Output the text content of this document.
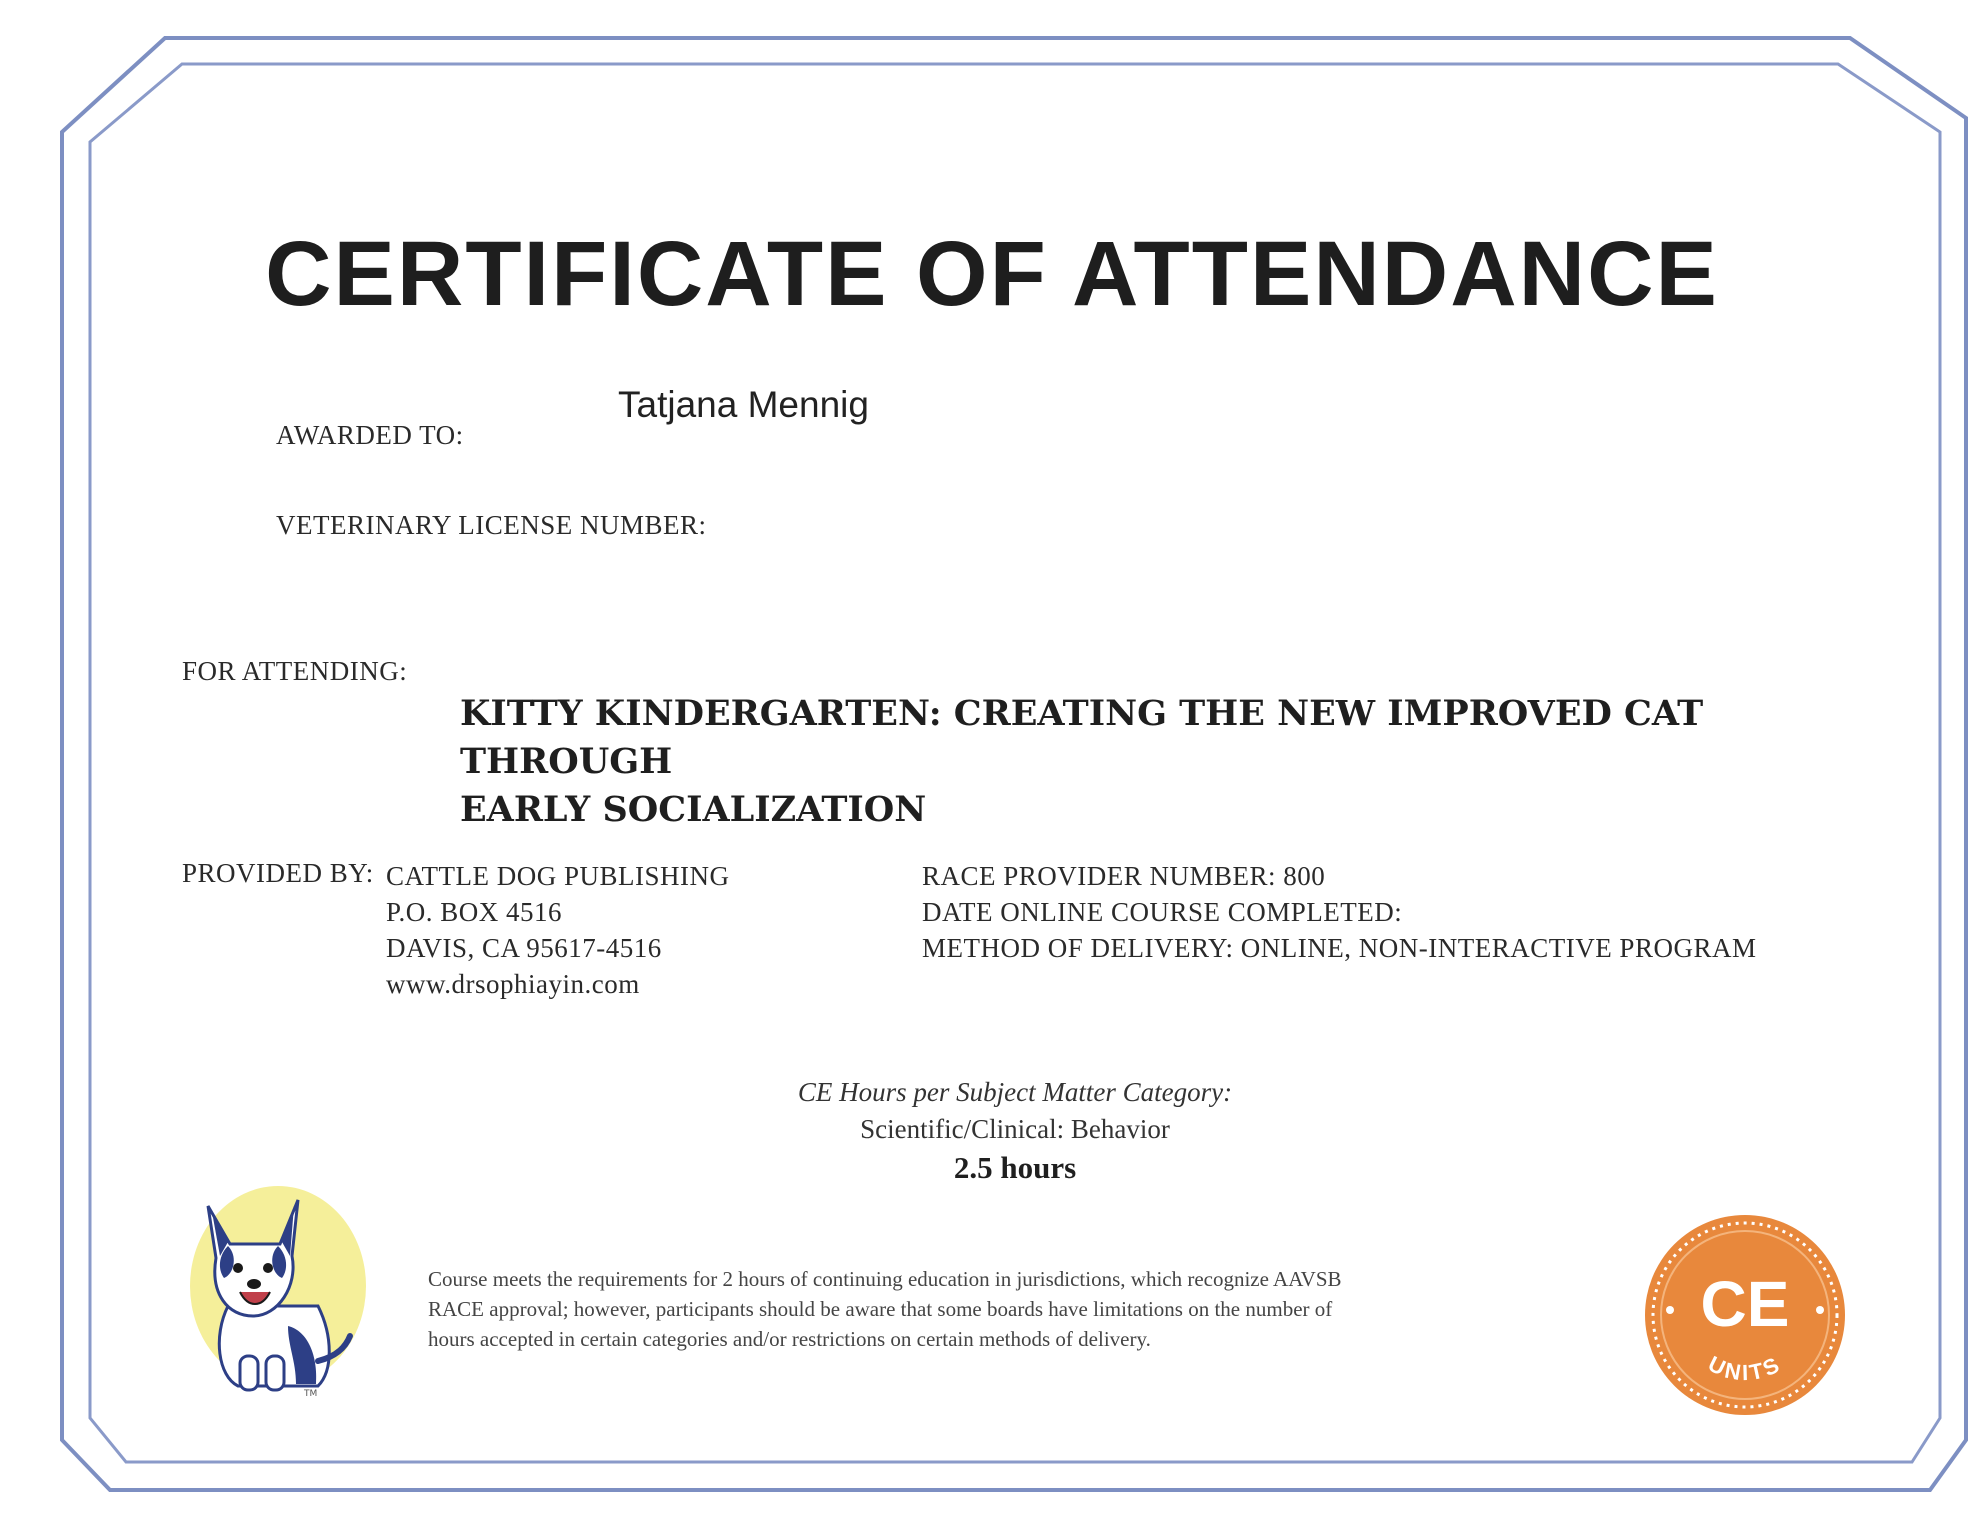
CERTIFICATE OF ATTENDANCE
AWARDED TO:
Tatjana Mennig
VETERINARY LICENSE NUMBER:
FOR ATTENDING:
KITTY KINDERGARTEN: CREATING THE NEW IMPROVED CAT THROUGH
EARLY SOCIALIZATION
PROVIDED BY: CATTLE DOG PUBLISHING
P.O. BOX 4516
DAVIS, CA 95617-4516
www.drsophiayin.com
RACE PROVIDER NUMBER: 800
DATE ONLINE COURSE COMPLETED:
METHOD OF DELIVERY: ONLINE, NON-INTERACTIVE PROGRAM
CE Hours per Subject Matter Category:
Scientific/Clinical: Behavior
2.5 hours
TM
Course meets the requirements for 2 hours of continuing education in jurisdictions, which recognize AAVSB
RACE approval; however, participants should be aware that some boards have limitations on the number of
hours accepted in certain categories and/or restrictions on certain methods of delivery.	CE
UNITS
